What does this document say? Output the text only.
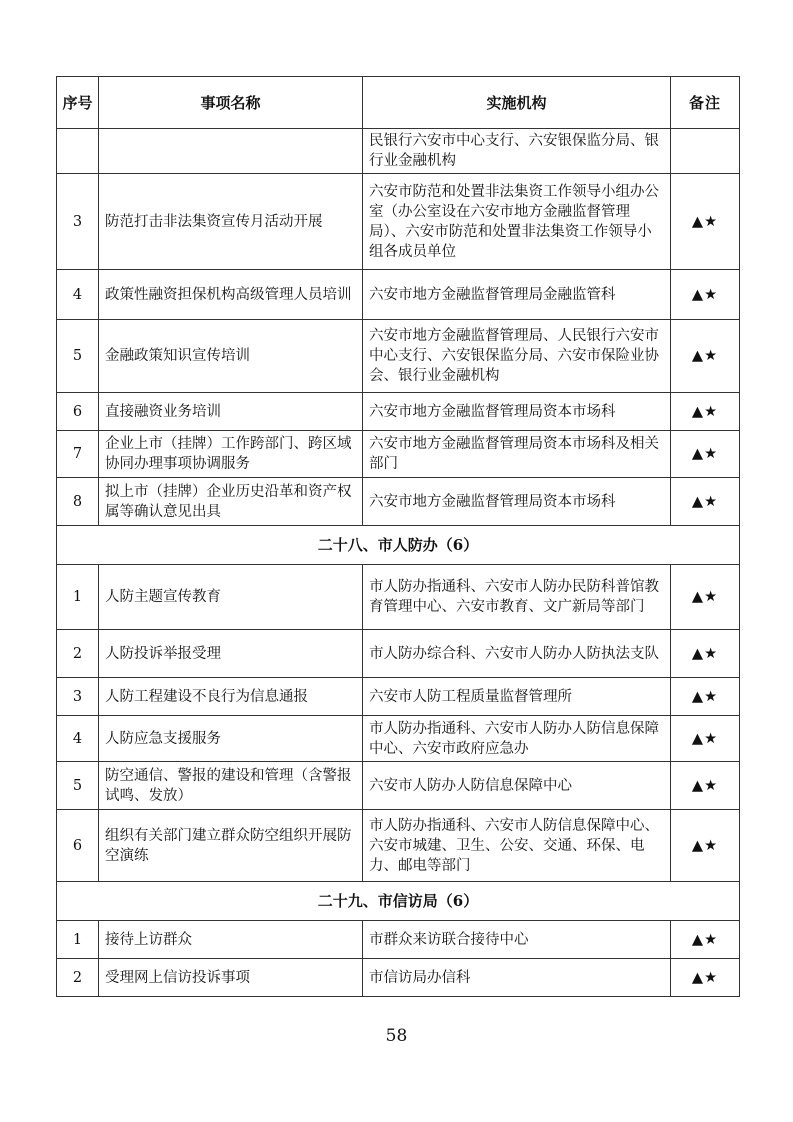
序号	事项名称	实施机构	备注
		民银行六安市中心支行、六安银保监分局、银行业金融机构	
3	防范打击非法集资宣传月活动开展	六安市防范和处置非法集资工作领导小组办公室（办公室设在六安市地方金融监督管理局）、六安市防范和处置非法集资工作领导小组各成员单位	▲★
4	政策性融资担保机构高级管理人员培训	六安市地方金融监督管理局金融监管科	▲★
5	金融政策知识宣传培训	六安市地方金融监督管理局、人民银行六安市中心支行、六安银保监分局、六安市保险业协会、银行业金融机构	▲★
6	直接融资业务培训	六安市地方金融监督管理局资本市场科	▲★
7	企业上市（挂牌）工作跨部门、跨区域协同办理事项协调服务	六安市地方金融监督管理局资本市场科及相关部门	▲★
8	拟上市（挂牌）企业历史沿革和资产权属等确认意见出具	六安市地方金融监督管理局资本市场科	▲★
二十八、市人防办（6）			
1	人防主题宣传教育	市人防办指通科、六安市人防办民防科普馆教育管理中心、六安市教育、文广新局等部门	▲★
2	人防投诉举报受理	市人防办综合科、六安市人防办人防执法支队	▲★
3	人防工程建设不良行为信息通报	六安市人防工程质量监督管理所	▲★
4	人防应急支援服务	市人防办指通科、六安市人防办人防信息保障中心、六安市政府应急办	▲★
5	防空通信、警报的建设和管理（含警报试鸣、发放）	六安市人防办人防信息保障中心	▲★
6	组织有关部门建立群众防空组织开展防空演练	市人防办指通科、六安市人防信息保障中心、六安市城建、卫生、公安、交通、环保、电力、邮电等部门	▲★
二十九、市信访局（6）			
1	接待上访群众	市群众来访联合接待中心	▲★
2	受理网上信访投诉事项	市信访局办信科	▲★
58
